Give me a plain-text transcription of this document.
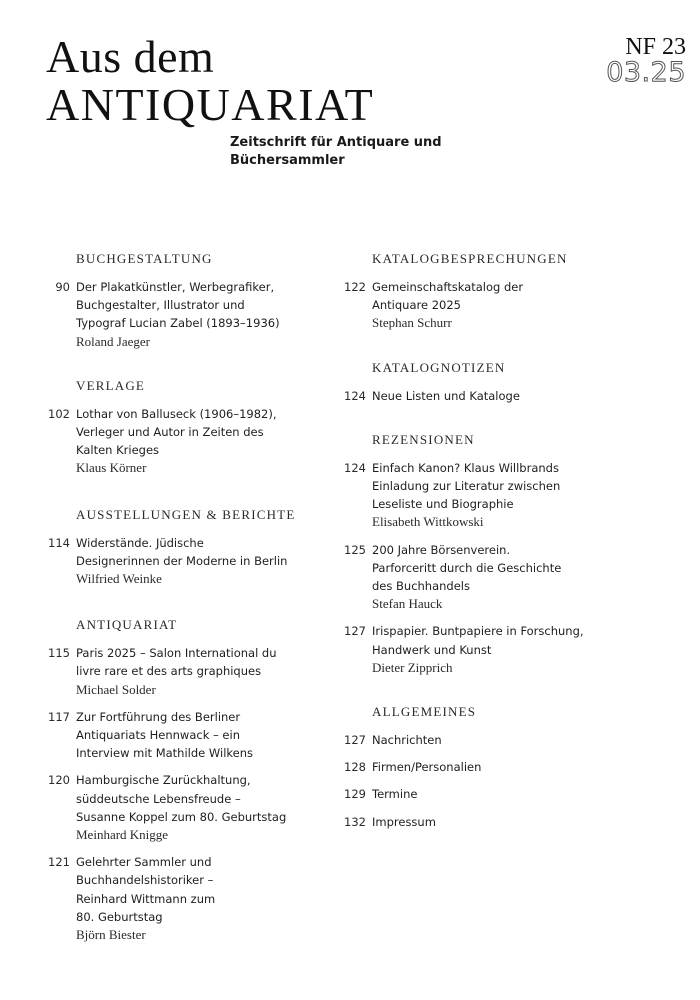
Aus dem
ANTIQUARIAT
Zeitschrift für Antiquare und Büchersammler
NF 23
03.25
BUCHGESTALTUNG
90 Der Plakatkünstler, Werbegrafiker,
Buchgestalter, Illustrator und
Typograf Lucian Zabel (1893–1936)
Roland Jaeger
VERLAGE
102 Lothar von Balluseck (1906–1982),
Verleger und Autor in Zeiten des
Kalten Krieges
Klaus Körner
AUSSTELLUNGEN & BERICHTE
114 Widerstände. Jüdische
Designerinnen der Moderne in Berlin
Wilfried Weinke
ANTIQUARIAT
115 Paris 2025 – Salon International du
livre rare et des arts graphiques
Michael Solder
117 Zur Fortführung des Berliner
Antiquariats Hennwack – ein
Interview mit Mathilde Wilkens
120 Hamburgische Zurückhaltung,
süddeutsche Lebensfreude –
Susanne Koppel zum 80. Geburtstag
Meinhard Knigge
121 Gelehrter Sammler und
Buchhandelshistoriker –
Reinhard Wittmann zum
80. Geburtstag
Björn Biester
KATALOGBESPRECHUNGEN
122 Gemeinschaftskatalog der
Antiquare 2025
Stephan Schurr
KATALOGNOTIZEN
124 Neue Listen und Kataloge
REZENSIONEN
124 Einfach Kanon? Klaus Willbrands
Einladung zur Literatur zwischen
Leseliste und Biographie
Elisabeth Wittkowski
125 200 Jahre Börsenverein.
Parforceritt durch die Geschichte
des Buchhandels
Stefan Hauck
127 Irispapier. Buntpapiere in Forschung,
Handwerk und Kunst
Dieter Zipprich
ALLGEMEINES
127 Nachrichten
128 Firmen/Personalien
129 Termine
132 Impressum
